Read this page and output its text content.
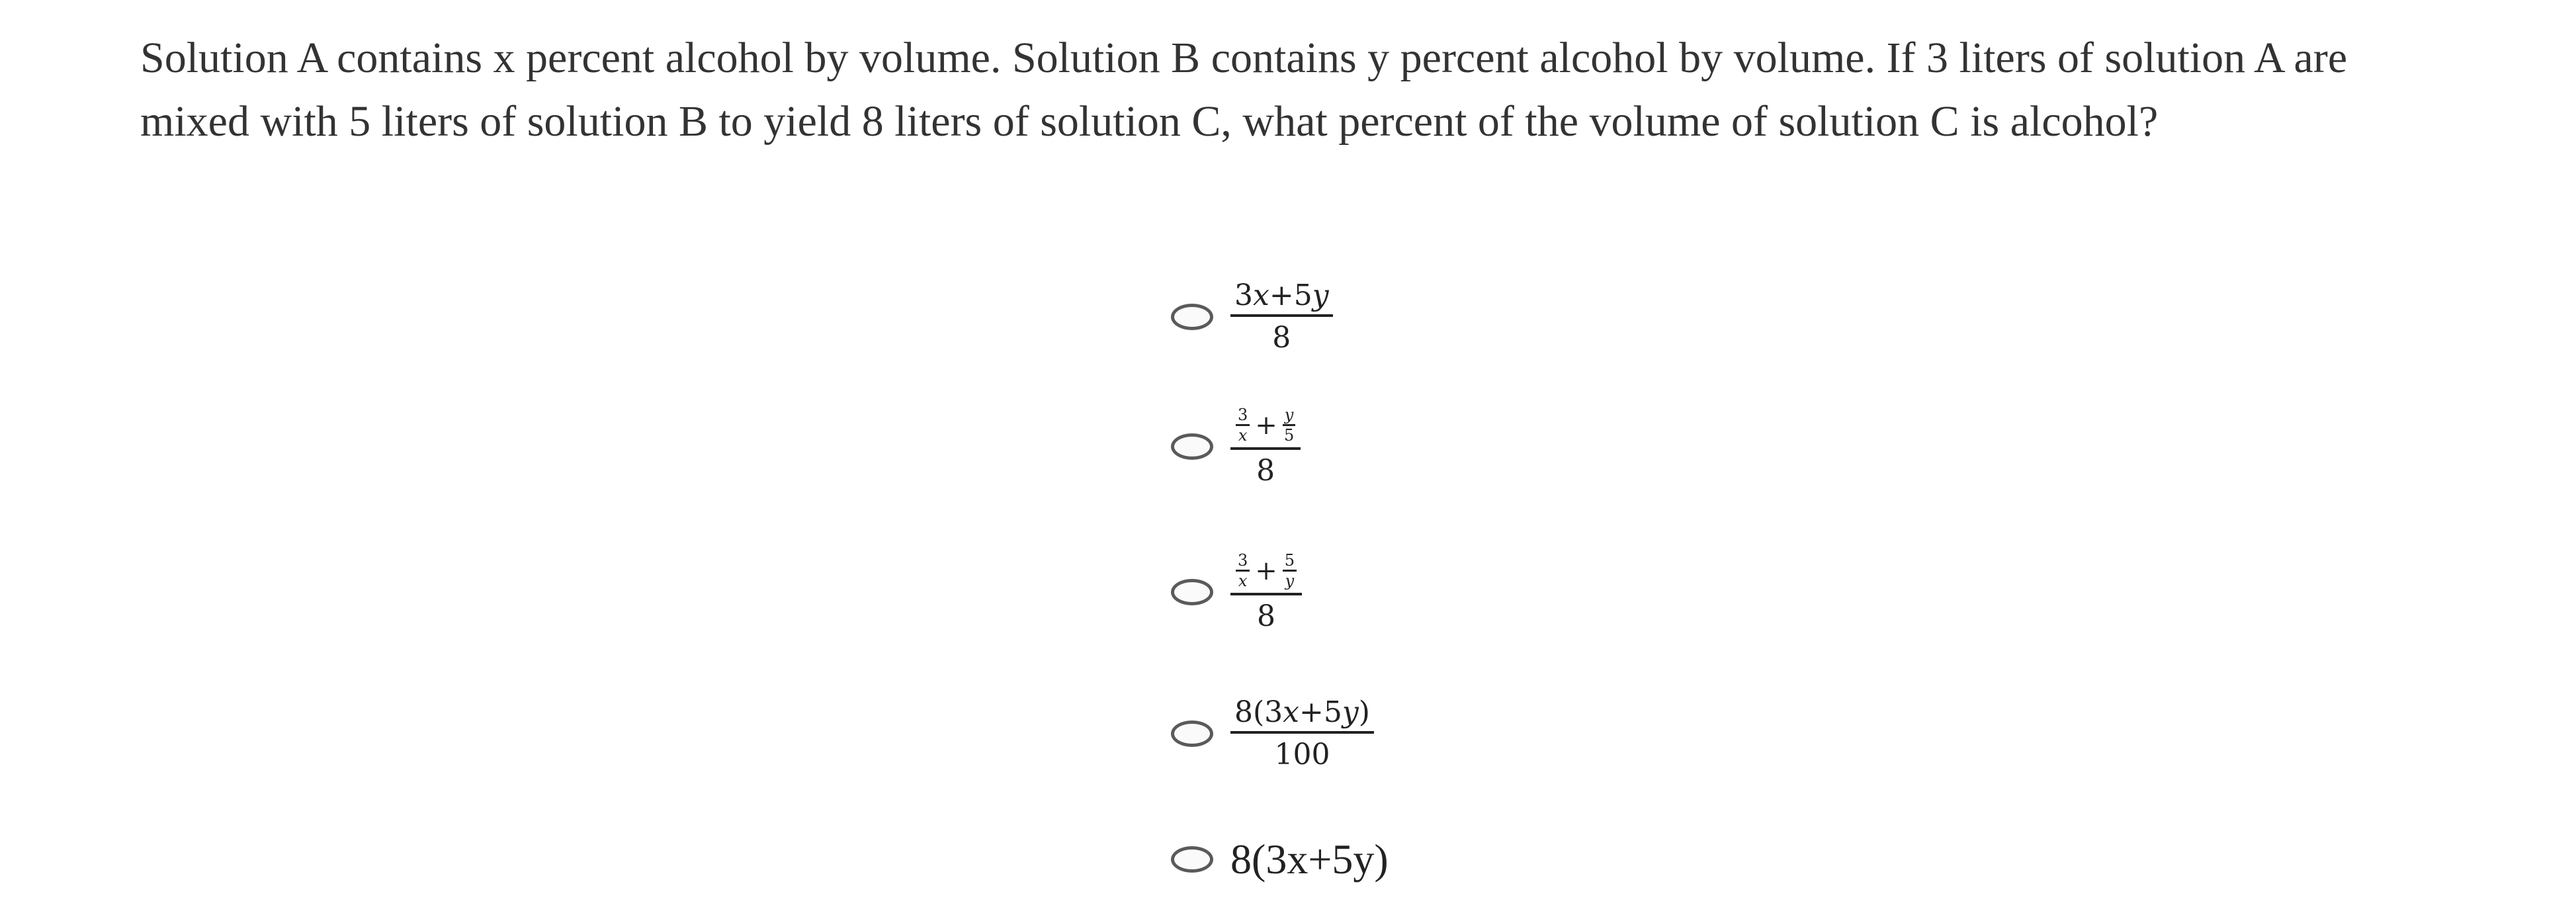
Solution A contains x percent alcohol by volume. Solution B contains y percent alcohol by volume. If 3 liters of solution A are mixed with 5 liters of solution B to yield 8 liters of solution C, what percent of the volume of solution C is alcohol?
$\frac{3 x + 5 y}{8}$
$\frac{3}{x} + \frac{y}{5}$
8
$\frac{3}{x} + \frac{5}{y}$
8
$\frac{8( 3 x + 5 y )}{100}$
8(3x+5y)
